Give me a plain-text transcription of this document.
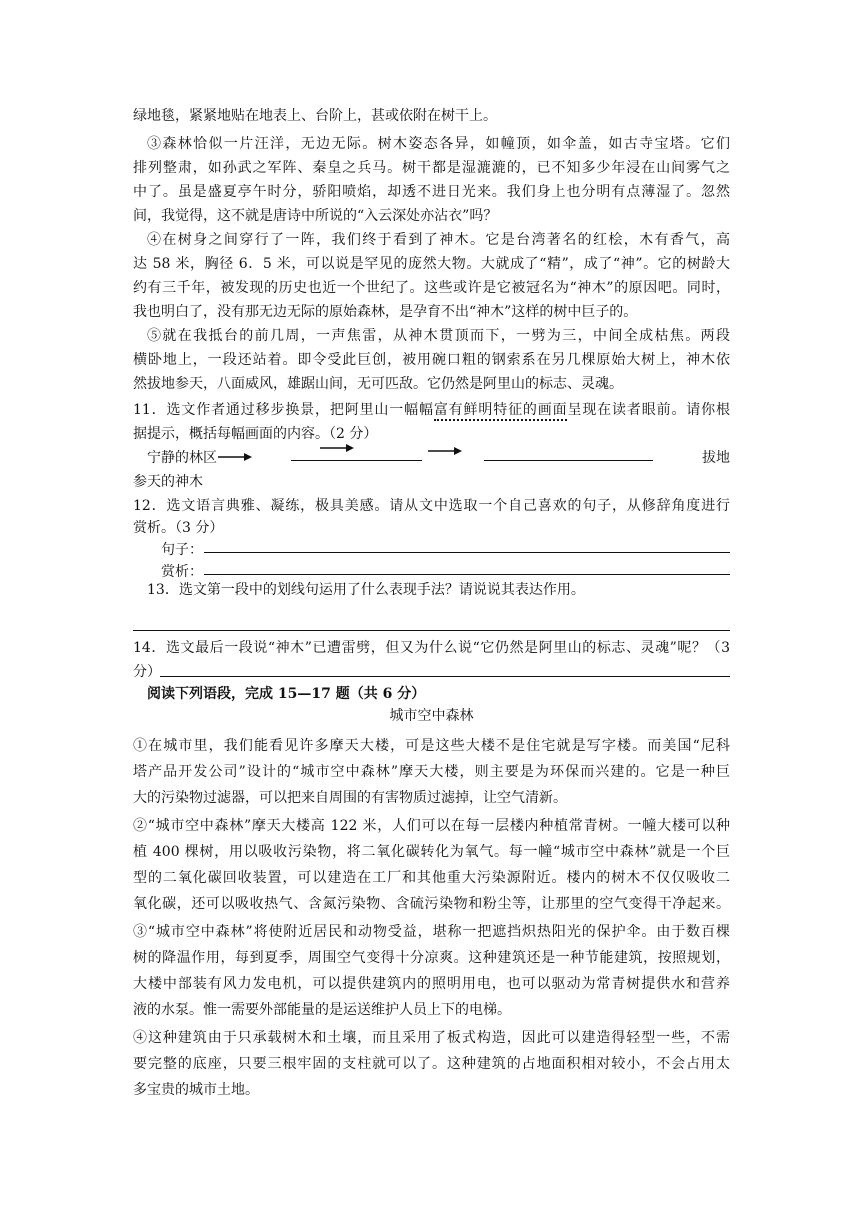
绿地毯，紧紧地贴在地表上、台阶上，甚或依附在树干上。
③森林恰似一片汪洋，无边无际。树木姿态各异，如幢顶，如伞盖，如古寺宝塔。它们
排列整肃，如孙武之军阵、秦皇之兵马。树干都是湿漉漉的，已不知多少年浸在山间雾气之
中了。虽是盛夏亭午时分，骄阳喷焰，却透不进日光来。我们身上也分明有点薄湿了。忽然
间，我觉得，这不就是唐诗中所说的“入云深处亦沾衣”吗？
④在树身之间穿行了一阵，我们终于看到了神木。它是台湾著名的红桧，木有香气，高
达 58 米，胸径 6．5 米，可以说是罕见的庞然大物。大就成了“精”，成了“神”。它的树龄大
约有三千年，被发现的历史也近一个世纪了。这些或许是它被冠名为“神木”的原因吧。同时，
我也明白了，没有那无边无际的原始森林，是孕育不出“神木”这样的树中巨子的。
⑤就在我抵台的前几周，一声焦雷，从神木贯顶而下，一劈为三，中间全成枯焦。两段
横卧地上，一段还站着。即令受此巨创，被用碗口粗的钢索系在另几棵原始大树上，神木依
然拔地参天，八面威风，雄踞山间，无可匹敌。它仍然是阿里山的标志、灵魂。
11．选文作者通过移步换景，把阿里山一幅幅富有鲜明特征的画面呈现在读者眼前。请你根
据提示，概括每幅画面的内容。（2 分）
宁静的林区	拔地
参天的神木
12．选文语言典雅、凝练，极具美感。请从文中选取一个自己喜欢的句子，从修辞角度进行
赏析。（3 分）
句子：
赏析：
13．选文第一段中的划线句运用了什么表现手法？请说说其表达作用。
14．选文最后一段说“神木”已遭雷劈，但又为什么说“它仍然是阿里山的标志、灵魂”呢？（3
分）
阅读下列语段，完成 15—17 题（共 6 分）
城市空中森林
①在城市里，我们能看见许多摩天大楼，可是这些大楼不是住宅就是写字楼。而美国“尼科
塔产品开发公司”设计的“城市空中森林”摩天大楼，则主要是为环保而兴建的。它是一种巨
大的污染物过滤器，可以把来自周围的有害物质过滤掉，让空气清新。
②“城市空中森林”摩天大楼高 122 米，人们可以在每一层楼内种植常青树。一幢大楼可以种
植 400 棵树，用以吸收污染物，将二氧化碳转化为氧气。每一幢“城市空中森林”就是一个巨
型的二氧化碳回收装置，可以建造在工厂和其他重大污染源附近。楼内的树木不仅仅吸收二
氧化碳，还可以吸收热气、含氮污染物、含硫污染物和粉尘等，让那里的空气变得干净起来。
③“城市空中森林”将使附近居民和动物受益，堪称一把遮挡炽热阳光的保护伞。由于数百棵
树的降温作用，每到夏季，周围空气变得十分凉爽。这种建筑还是一种节能建筑，按照规划，
大楼中部装有风力发电机，可以提供建筑内的照明用电，也可以驱动为常青树提供水和营养
液的水泵。惟一需要外部能量的是运送维护人员上下的电梯。
④这种建筑由于只承载树木和土壤，而且采用了板式构造，因此可以建造得轻型一些，不需
要完整的底座，只要三根牢固的支柱就可以了。这种建筑的占地面积相对较小，不会占用太
多宝贵的城市土地。
